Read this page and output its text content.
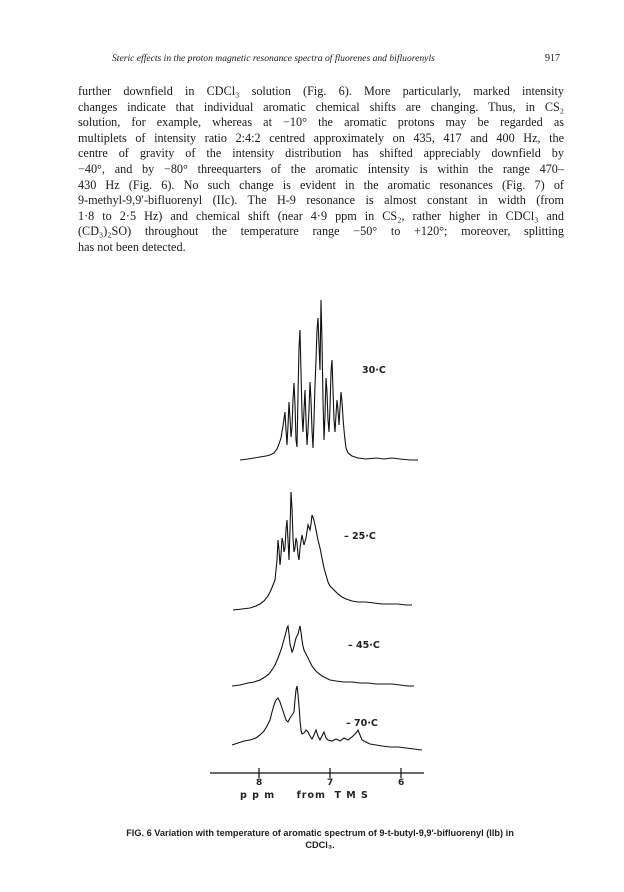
Steric effects in the proton magnetic resonance spectra of fluorenes and bifluorenyls	917
further downfield in CDCl₃ solution (Fig. 6). More particularly, marked intensity
changes indicate that individual aromatic chemical shifts are changing. Thus, in CS₂
solution, for example, whereas at −10° the aromatic protons may be regarded as
multiplets of intensity ratio 2:4:2 centred approximately on 435, 417 and 400 Hz, the
centre of gravity of the intensity distribution has shifted appreciably downfield by
−40°, and by −80° threequarters of the aromatic intensity is within the range 470–
430 Hz (Fig. 6). No such change is evident in the aromatic resonances (Fig. 7) of
9-methyl-9,9′-bifluorenyl (IIc). The H-9 resonance is almost constant in width (from
1·8 to 2·5 Hz) and chemical shift (near 4·9 ppm in CS₂, rather higher in CDCl₃ and
(CD₃)₂SO) throughout the temperature range −50° to +120°; moreover, splitting
has not been detected.
30·C
– 25·C
– 45·C
– 70·C
8	7	6
p p m     from  T M S
FIG. 6 Variation with temperature of aromatic spectrum of 9-t-butyl-9,9′-bifluorenyl (IIb) in
CDCl₃.
